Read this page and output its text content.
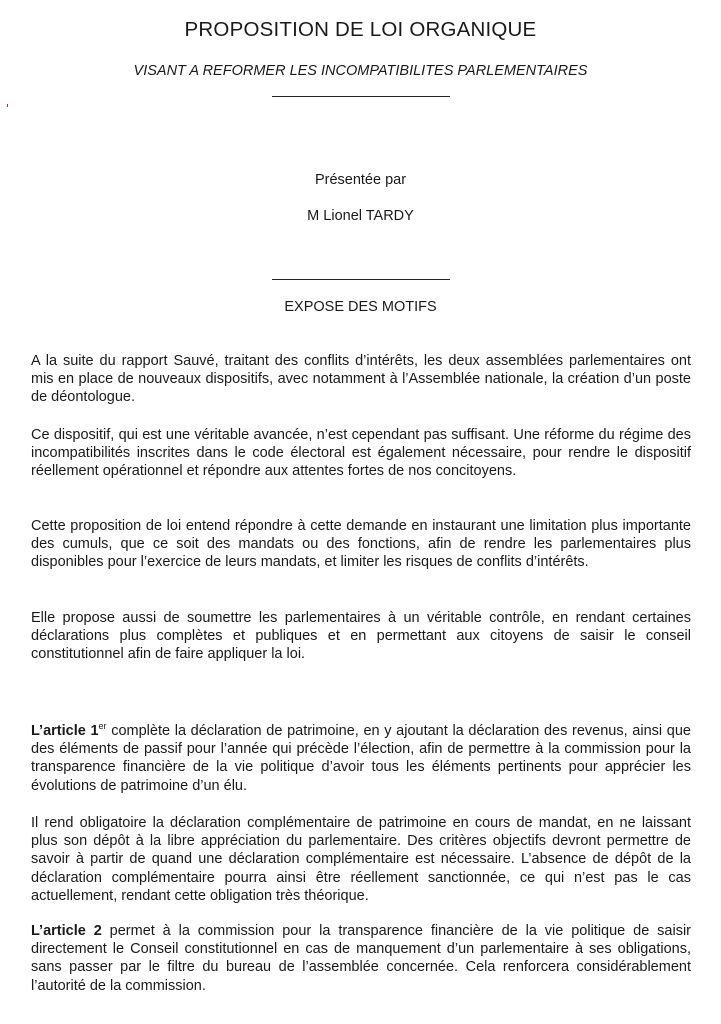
PROPOSITION DE LOI ORGANIQUE
VISANT A REFORMER LES INCOMPATIBILITES PARLEMENTAIRES
Présentée par
M Lionel TARDY
EXPOSE DES MOTIFS

A la suite du rapport Sauvé, traitant des conflits d’intérêts, les deux assemblées parlementaires ont mis en place de nouveaux dispositifs, avec notamment à l’Assemblée nationale, la création d’un poste de déontologue.

Ce dispositif, qui est une véritable avancée, n’est cependant pas suffisant. Une réforme du régime des incompatibilités inscrites dans le code électoral est également nécessaire, pour rendre le dispositif réellement opérationnel et répondre aux attentes fortes de nos concitoyens.

Cette proposition de loi entend répondre à cette demande en instaurant une limitation plus importante des cumuls, que ce soit des mandats ou des fonctions, afin de rendre les parlementaires plus disponibles pour l’exercice de leurs mandats, et limiter les risques de conflits d’intérêts.

Elle propose aussi de soumettre les parlementaires à un véritable contrôle, en rendant certaines déclarations plus complètes et publiques et en permettant aux citoyens de saisir le conseil constitutionnel afin de faire appliquer la loi.

L’article 1er complète la déclaration de patrimoine, en y ajoutant la déclaration des revenus, ainsi que des éléments de passif pour l’année qui précède l’élection, afin de permettre à la commission pour la transparence financière de la vie politique d’avoir tous les éléments pertinents pour apprécier les évolutions de patrimoine d’un élu.

Il rend obligatoire la déclaration complémentaire de patrimoine en cours de mandat, en ne laissant plus son dépôt à la libre appréciation du parlementaire. Des critères objectifs devront permettre de savoir à partir de quand une déclaration complémentaire est nécessaire. L’absence de dépôt de la déclaration complémentaire pourra ainsi être réellement sanctionnée, ce qui n’est pas le cas actuellement, rendant cette obligation très théorique.

L’article 2 permet à la commission pour la transparence financière de la vie politique de saisir directement le Conseil constitutionnel en cas de manquement d’un parlementaire à ses obligations, sans passer par le filtre du bureau de l’assemblée concernée. Cela renforcera considérablement l’autorité de la commission.
